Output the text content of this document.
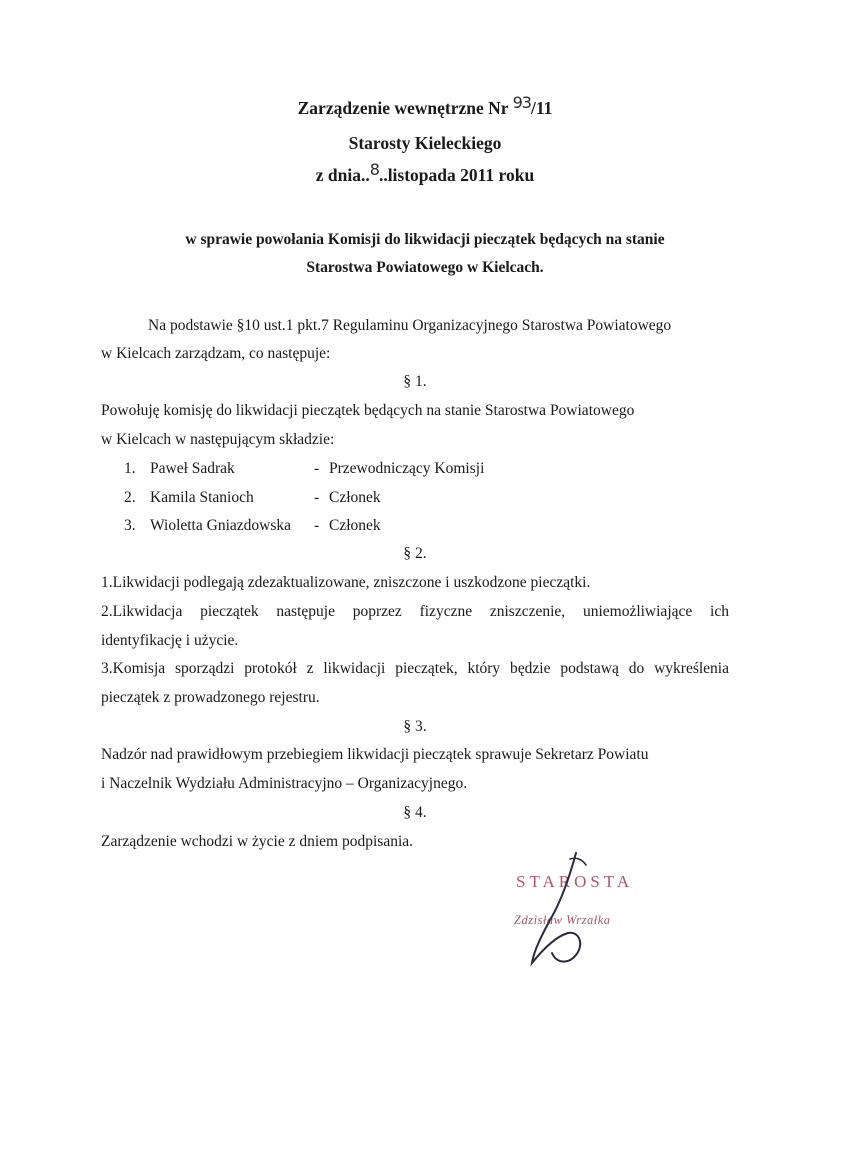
Zarządzenie wewnętrzne Nr 93/11
Starosty Kieleckiego
z dnia..8..listopada 2011 roku
w sprawie powołania Komisji do likwidacji pieczątek będących na stanie
Starostwa Powiatowego w Kielcach.
Na podstawie §10 ust.1 pkt.7 Regulaminu Organizacyjnego Starostwa Powiatowego
w Kielcach zarządzam, co następuje:
§ 1.
Powołuję komisję do likwidacji pieczątek będących na stanie Starostwa Powiatowego
w Kielcach w następującym składzie:
1. Paweł Sadrak	- Przewodniczący Komisji
2. Kamila Stanioch	- Członek
3. Wioletta Gniazdowska - Członek
§ 2.
1.Likwidacji podlegają zdezaktualizowane, zniszczone i uszkodzone pieczątki.
2.Likwidacja pieczątek następuje poprzez fizyczne zniszczenie, uniemożliwiające ich
identyfikację i użycie.
3.Komisja sporządzi protokół z likwidacji pieczątek, który będzie podstawą do wykreślenia
pieczątek z prowadzonego rejestru.
§ 3.
Nadzór nad prawidłowym przebiegiem likwidacji pieczątek sprawuje Sekretarz Powiatu
i Naczelnik Wydziału Administracyjno – Organizacyjnego.
§ 4.
Zarządzenie wchodzi w życie z dniem podpisania.
STAROSTA
Zdzisław Wrzałka
